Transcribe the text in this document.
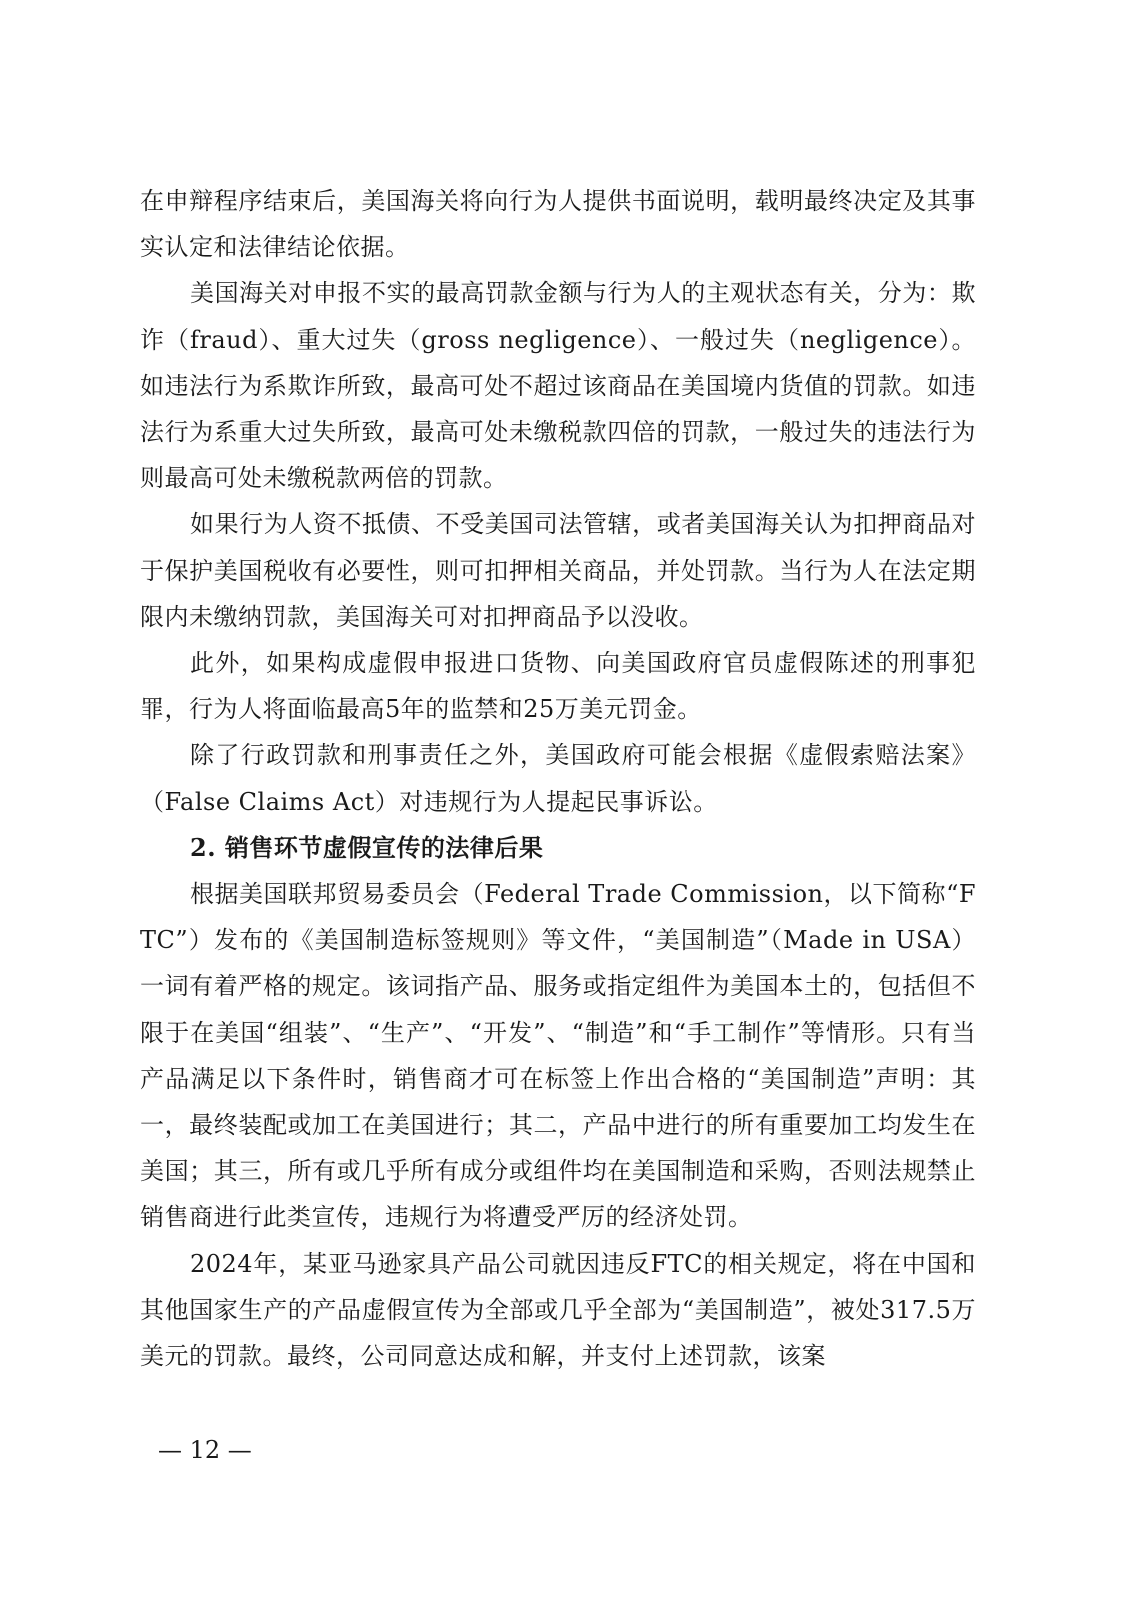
在申辩程序结束后，美国海关将向行为人提供书面说明，载明最终决定及其事实认定和法律结论依据。

美国海关对申报不实的最高罚款金额与行为人的主观状态有关，分为：欺诈（fraud）、重大过失（gross negligence）、一般过失（negligence）。如违法行为系欺诈所致，最高可处不超过该商品在美国境内货值的罚款。如违法行为系重大过失所致，最高可处未缴税款四倍的罚款，一般过失的违法行为则最高可处未缴税款两倍的罚款。

如果行为人资不抵债、不受美国司法管辖，或者美国海关认为扣押商品对于保护美国税收有必要性，则可扣押相关商品，并处罚款。当行为人在法定期限内未缴纳罚款，美国海关可对扣押商品予以没收。

此外，如果构成虚假申报进口货物、向美国政府官员虚假陈述的刑事犯罪，行为人将面临最高5年的监禁和25万美元罚金。

除了行政罚款和刑事责任之外，美国政府可能会根据《虚假索赔法案》（False Claims Act）对违规行为人提起民事诉讼。

2. 销售环节虚假宣传的法律后果

根据美国联邦贸易委员会（Federal Trade Commission，以下简称“FTC”）发布的《美国制造标签规则》等文件，“美国制造”（Made in USA）一词有着严格的规定。该词指产品、服务或指定组件为美国本土的，包括但不限于在美国“组装”、“生产”、“开发”、“制造”和“手工制作”等情形。只有当产品满足以下条件时，销售商才可在标签上作出合格的“美国制造”声明：其一，最终装配或加工在美国进行；其二，产品中进行的所有重要加工均发生在美国；其三，所有或几乎所有成分或组件均在美国制造和采购，否则法规禁止销售商进行此类宣传，违规行为将遭受严厉的经济处罚。

2024年，某亚马逊家具产品公司就因违反FTC的相关规定，将在中国和其他国家生产的产品虚假宣传为全部或几乎全部为“美国制造”，被处317.5万美元的罚款。最终，公司同意达成和解，并支付上述罚款，该案

— 12 —
